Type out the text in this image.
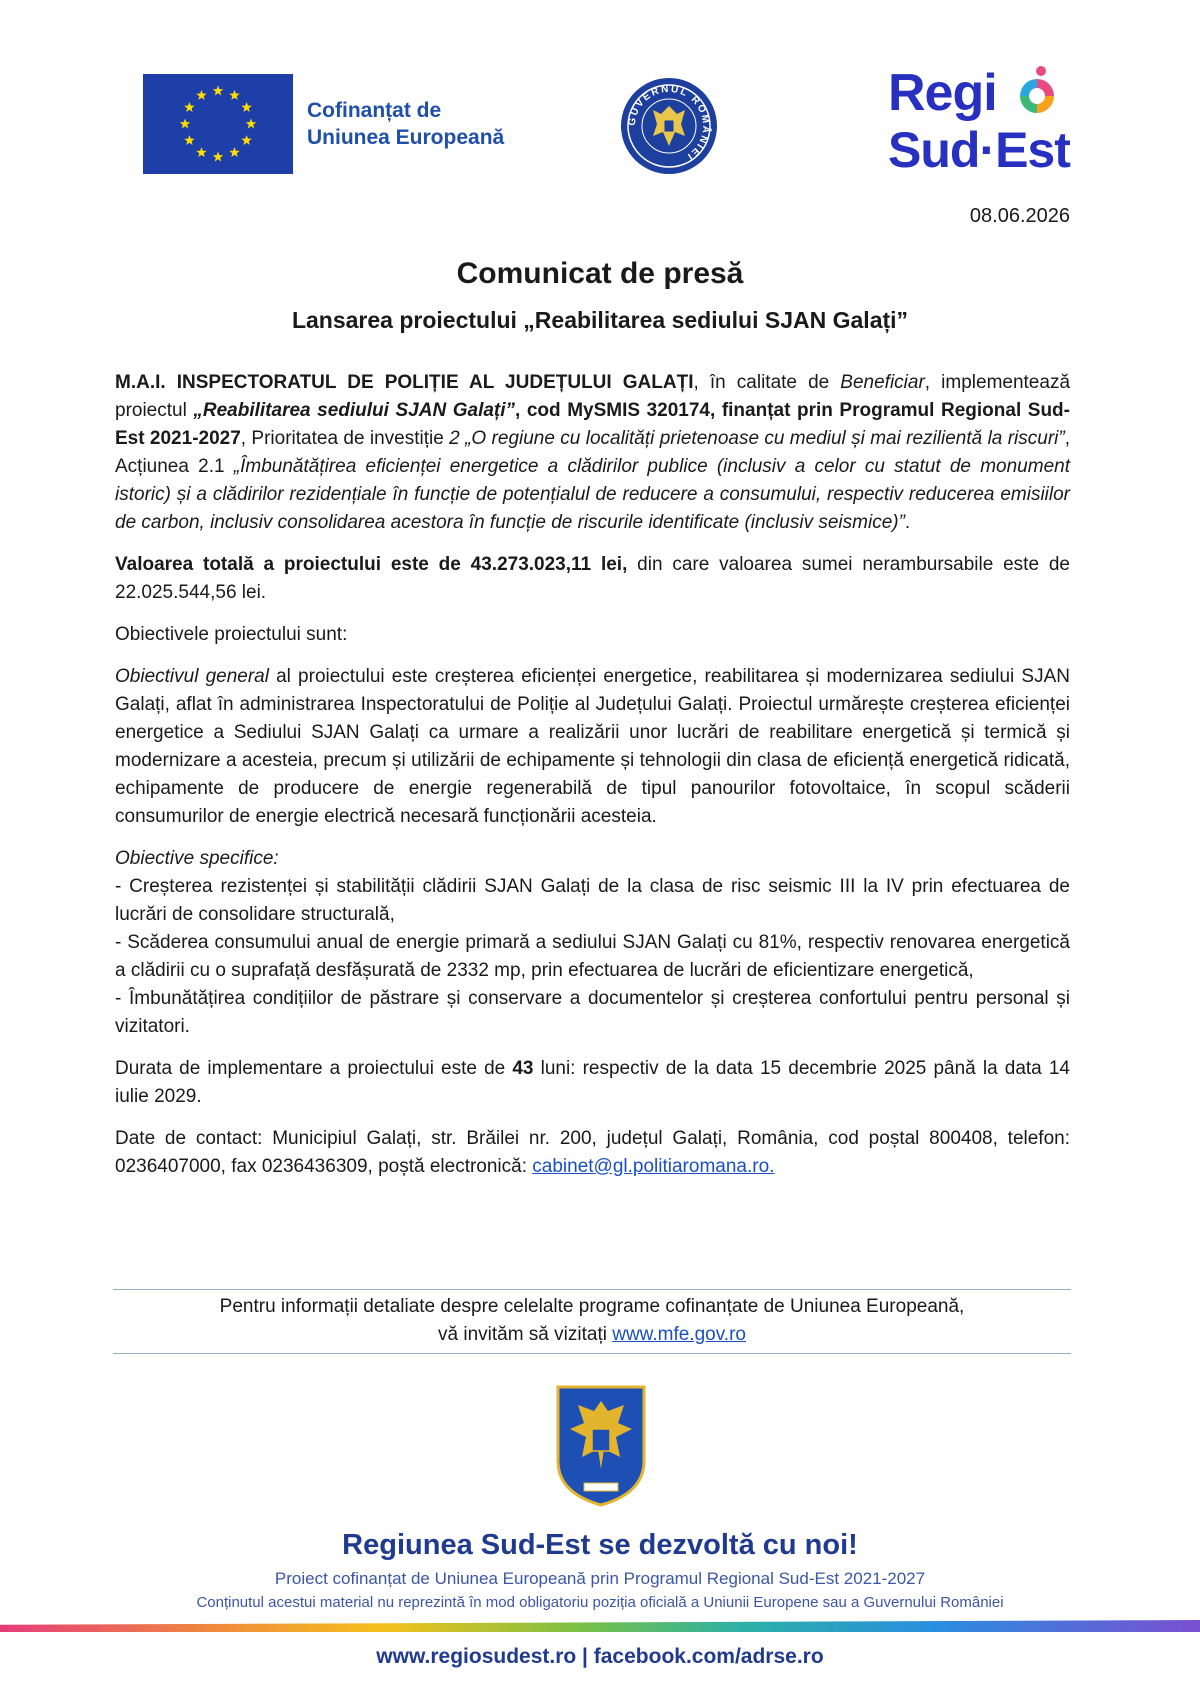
Cofinanțat de
Uniunea Europeană
GUVERNUL ROMÂNIEI
Regi
Sud·Est
08.06.2026
Comunicat de presă
Lansarea proiectului „Reabilitarea sediului SJAN Galați”

M.A.I. INSPECTORATUL DE POLIȚIE AL JUDEȚULUI GALAȚI, în calitate de Beneficiar, implementează proiectul „Reabilitarea sediului SJAN Galați”, cod MySMIS 320174, finanțat prin Programul Regional Sud-Est 2021-2027, Prioritatea de investiție 2 „O regiune cu localități prietenoase cu mediul și mai rezilientă la riscuri”, Acțiunea 2.1 „Îmbunătățirea eficienței energetice a clădirilor publice (inclusiv a celor cu statut de monument istoric) și a clădirilor rezidențiale în funcție de potențialul de reducere a consumului, respectiv reducerea emisiilor de carbon, inclusiv consolidarea acestora în funcție de riscurile identificate (inclusiv seismice)”.

Valoarea totală a proiectului este de 43.273.023,11 lei, din care valoarea sumei nerambursabile este de 22.025.544,56 lei.

Obiectivele proiectului sunt:

Obiectivul general al proiectului este creșterea eficienței energetice, reabilitarea și modernizarea sediului SJAN Galați, aflat în administrarea Inspectoratului de Poliție al Județului Galați. Proiectul urmărește creșterea eficienței energetice a Sediului SJAN Galați ca urmare a realizării unor lucrări de reabilitare energetică și termică și modernizare a acesteia, precum și utilizării de echipamente și tehnologii din clasa de eficiență energetică ridicată, echipamente de producere de energie regenerabilă de tipul panourilor fotovoltaice, în scopul scăderii consumurilor de energie electrică necesară funcționării acesteia.

Obiective specifice:
- Creșterea rezistenței și stabilității clădirii SJAN Galați de la clasa de risc seismic III la IV prin efectuarea de lucrări de consolidare structurală,
- Scăderea consumului anual de energie primară a sediului SJAN Galați cu 81%, respectiv renovarea energetică a clădirii cu o suprafață desfășurată de 2332 mp, prin efectuarea de lucrări de eficientizare energetică,
- Îmbunătățirea condițiilor de păstrare și conservare a documentelor și creșterea confortului pentru personal și vizitatori.

Durata de implementare a proiectului este de 43 luni: respectiv de la data 15 decembrie 2025 până la data 14 iulie 2029.

Date de contact: Municipiul Galați, str. Brăilei nr. 200, județul Galați, România, cod poștal 800408, telefon: 0236407000, fax 0236436309, poștă electronică: cabinet@gl.politiaromana.ro.

Pentru informații detaliate despre celelalte programe cofinanțate de Uniunea Europeană,
vă invităm să vizitați www.mfe.gov.ro
Regiunea Sud-Est se dezvoltă cu noi!
Proiect cofinanțat de Uniunea Europeană prin Programul Regional Sud-Est 2021-2027
Conținutul acestui material nu reprezintă în mod obligatoriu poziția oficială a Uniunii Europene sau a Guvernului României
www.regiosudest.ro | facebook.com/adrse.ro
